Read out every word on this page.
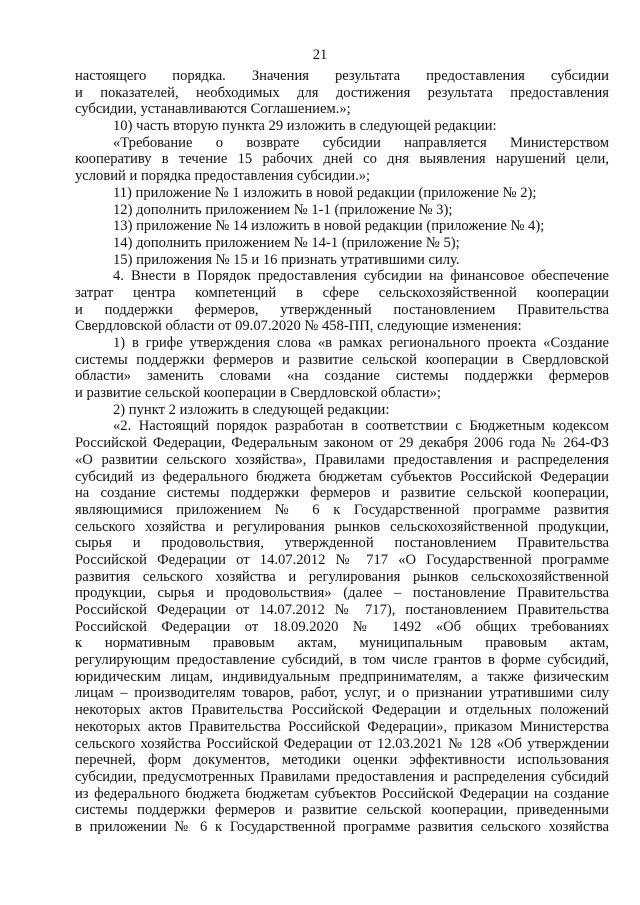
21
настоящего порядка. Значения результата предоставления субсидии
и показателей, необходимых для достижения результата предоставления
субсидии, устанавливаются Соглашением.»;
10) часть вторую пункта 29 изложить в следующей редакции:
«Требование о возврате субсидии направляется Министерством
кооперативу в течение 15 рабочих дней со дня выявления нарушений цели,
условий и порядка предоставления субсидии.»;
11) приложение № 1 изложить в новой редакции (приложение № 2);
12) дополнить приложением № 1-1 (приложение № 3);
13) приложение № 14 изложить в новой редакции (приложение № 4);
14) дополнить приложением № 14-1 (приложение № 5);
15) приложения № 15 и 16 признать утратившими силу.
4. Внести в Порядок предоставления субсидии на финансовое обеспечение
затрат центра компетенций в сфере сельскохозяйственной кооперации
и поддержки фермеров, утвержденный постановлением Правительства
Свердловской области от 09.07.2020 № 458-ПП, следующие изменения:
1) в грифе утверждения слова «в рамках регионального проекта «Создание
системы поддержки фермеров и развитие сельской кооперации в Свердловской
области» заменить словами «на создание системы поддержки фермеров
и развитие сельской кооперации в Свердловской области»;
2) пункт 2 изложить в следующей редакции:
«2. Настоящий порядок разработан в соответствии с Бюджетным кодексом
Российской Федерации, Федеральным законом от 29 декабря 2006 года № 264-ФЗ
«О развитии сельского хозяйства», Правилами предоставления и распределения
субсидий из федерального бюджета бюджетам субъектов Российской Федерации
на создание системы поддержки фермеров и развитие сельской кооперации,
являющимися приложением № 6 к Государственной программе развития
сельского хозяйства и регулирования рынков сельскохозяйственной продукции,
сырья и продовольствия, утвержденной постановлением Правительства
Российской Федерации от 14.07.2012 № 717 «О Государственной программе
развития сельского хозяйства и регулирования рынков сельскохозяйственной
продукции, сырья и продовольствия» (далее – постановление Правительства
Российской Федерации от 14.07.2012 № 717), постановлением Правительства
Российской Федерации от 18.09.2020 № 1492 «Об общих требованиях
к нормативным правовым актам, муниципальным правовым актам,
регулирующим предоставление субсидий, в том числе грантов в форме субсидий,
юридическим лицам, индивидуальным предпринимателям, а также физическим
лицам – производителям товаров, работ, услуг, и о признании утратившими силу
некоторых актов Правительства Российской Федерации и отдельных положений
некоторых актов Правительства Российской Федерации», приказом Министерства
сельского хозяйства Российской Федерации от 12.03.2021 № 128 «Об утверждении
перечней, форм документов, методики оценки эффективности использования
субсидии, предусмотренных Правилами предоставления и распределения субсидий
из федерального бюджета бюджетам субъектов Российской Федерации на создание
системы поддержки фермеров и развитие сельской кооперации, приведенными
в приложении № 6 к Государственной программе развития сельского хозяйства
